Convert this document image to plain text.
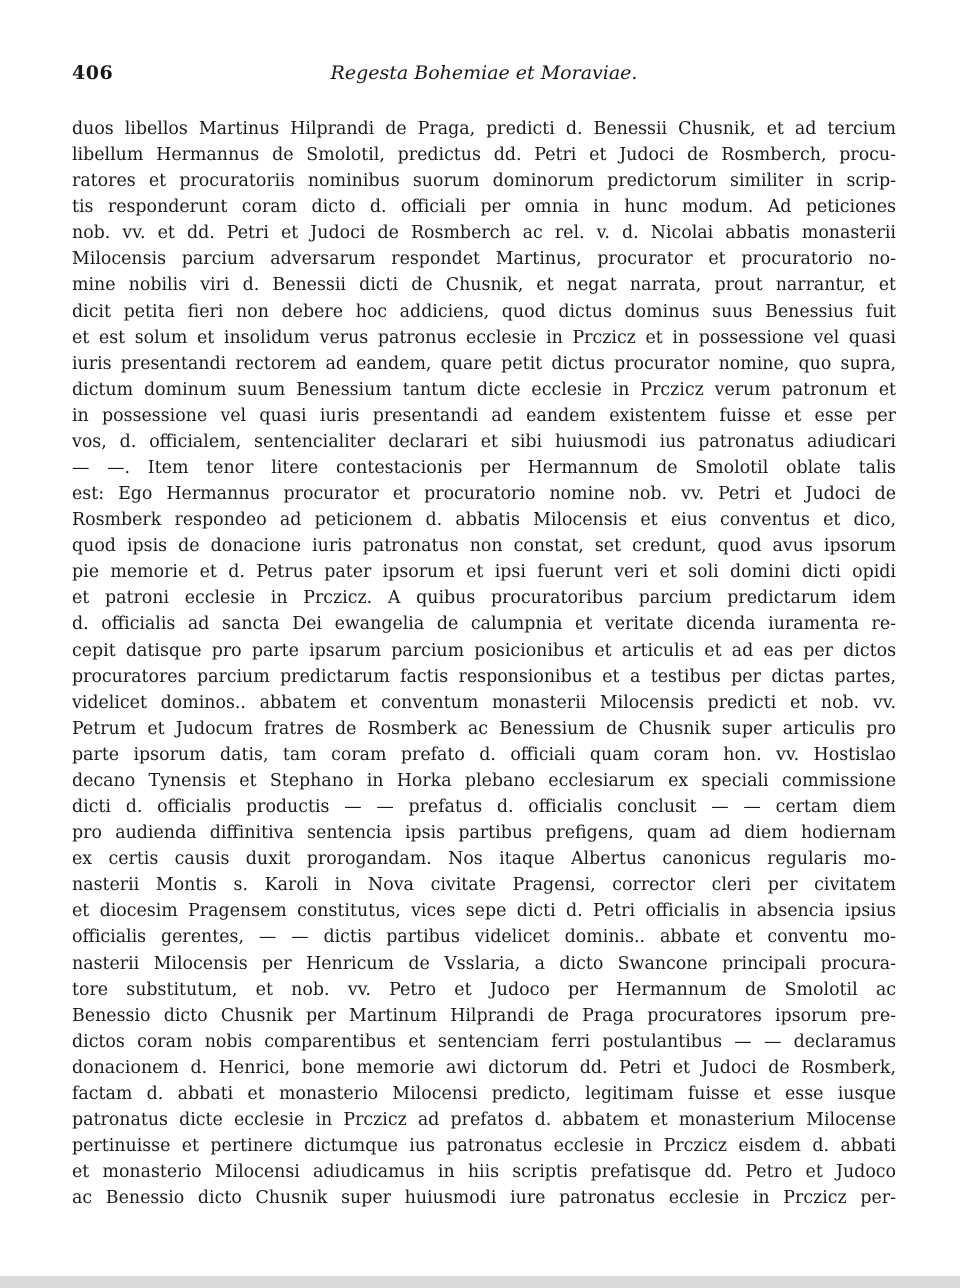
406	Regesta Bohemiae et Moraviae.
duos libellos Martinus Hilprandi de Praga, predicti d. Benessii Chusnik, et ad tercium
libellum Hermannus de Smolotil, predictus dd. Petri et Judoci de Rosmberch, procu-
ratores et procuratoriis nominibus suorum dominorum predictorum similiter in scrip-
tis responderunt coram dicto d. officiali per omnia in hunc modum. Ad peticiones
nob. vv. et dd. Petri et Judoci de Rosmberch ac rel. v. d. Nicolai abbatis monasterii
Milocensis parcium adversarum respondet Martinus, procurator et procuratorio no-
mine nobilis viri d. Benessii dicti de Chusnik, et negat narrata, prout narrantur, et
dicit petita fieri non debere hoc addiciens, quod dictus dominus suus Benessius fuit
et est solum et insolidum verus patronus ecclesie in Prczicz et in possessione vel quasi
iuris presentandi rectorem ad eandem, quare petit dictus procurator nomine, quo supra,
dictum dominum suum Benessium tantum dicte ecclesie in Prczicz verum patronum et
in possessione vel quasi iuris presentandi ad eandem existentem fuisse et esse per
vos, d. officialem, sentencialiter declarari et sibi huiusmodi ius patronatus adiudicari
— —. Item tenor litere contestacionis per Hermannum de Smolotil oblate talis
est: Ego Hermannus procurator et procuratorio nomine nob. vv. Petri et Judoci de
Rosmberk respondeo ad peticionem d. abbatis Milocensis et eius conventus et dico,
quod ipsis de donacione iuris patronatus non constat, set credunt, quod avus ipsorum
pie memorie et d. Petrus pater ipsorum et ipsi fuerunt veri et soli domini dicti opidi
et patroni ecclesie in Prczicz. A quibus procuratoribus parcium predictarum idem
d. officialis ad sancta Dei ewangelia de calumpnia et veritate dicenda iuramenta re-
cepit datisque pro parte ipsarum parcium posicionibus et articulis et ad eas per dictos
procuratores parcium predictarum factis responsionibus et a testibus per dictas partes,
videlicet dominos.. abbatem et conventum monasterii Milocensis predicti et nob. vv.
Petrum et Judocum fratres de Rosmberk ac Benessium de Chusnik super articulis pro
parte ipsorum datis, tam coram prefato d. officiali quam coram hon. vv. Hostislao
decano Tynensis et Stephano in Horka plebano ecclesiarum ex speciali commissione
dicti d. officialis productis — — prefatus d. officialis conclusit — — certam diem
pro audienda diffinitiva sentencia ipsis partibus prefigens, quam ad diem hodiernam
ex certis causis duxit prorogandam. Nos itaque Albertus canonicus regularis mo-
nasterii Montis s. Karoli in Nova civitate Pragensi, corrector cleri per civitatem
et diocesim Pragensem constitutus, vices sepe dicti d. Petri officialis in absencia ipsius
officialis gerentes, — — dictis partibus videlicet dominis.. abbate et conventu mo-
nasterii Milocensis per Henricum de Vsslaria, a dicto Swancone principali procura-
tore substitutum, et nob. vv. Petro et Judoco per Hermannum de Smolotil ac
Benessio dicto Chusnik per Martinum Hilprandi de Praga procuratores ipsorum pre-
dictos coram nobis comparentibus et sentenciam ferri postulantibus — — declaramus
donacionem d. Henrici, bone memorie awi dictorum dd. Petri et Judoci de Rosmberk,
factam d. abbati et monasterio Milocensi predicto, legitimam fuisse et esse iusque
patronatus dicte ecclesie in Prczicz ad prefatos d. abbatem et monasterium Milocense
pertinuisse et pertinere dictumque ius patronatus ecclesie in Prczicz eisdem d. abbati
et monasterio Milocensi adiudicamus in hiis scriptis prefatisque dd. Petro et Judoco
ac Benessio dicto Chusnik super huiusmodi iure patronatus ecclesie in Prczicz per-
